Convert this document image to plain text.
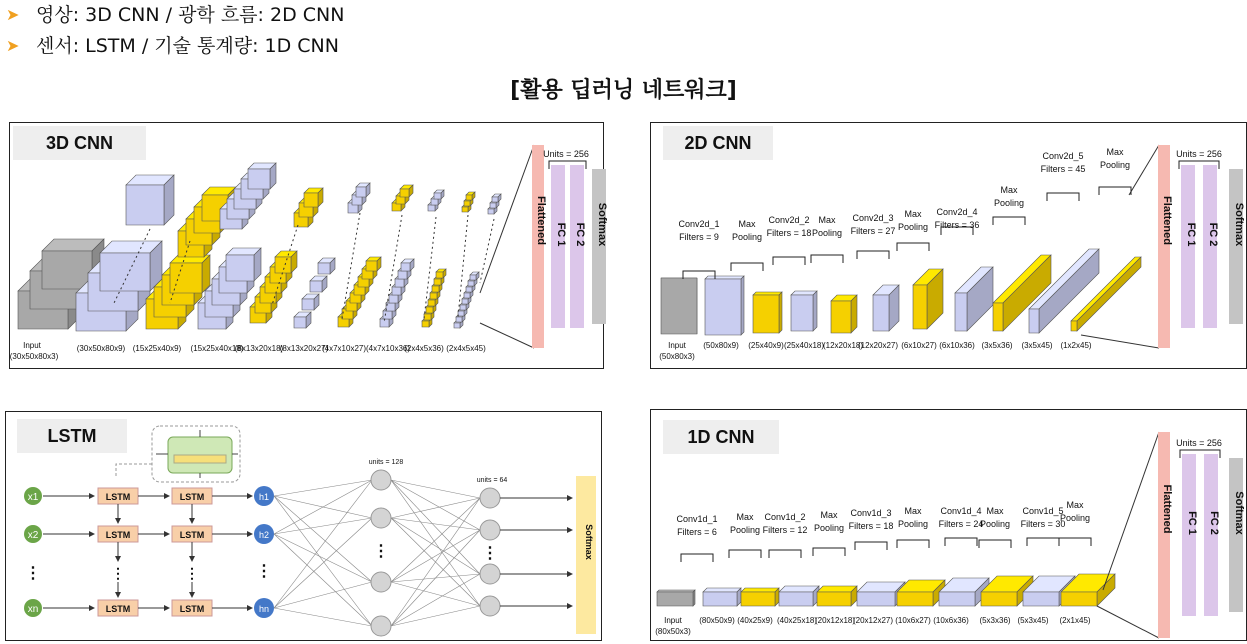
➤ 영상: 3D CNN / 광학 흐름: 2D CNN
➤ 센서: LSTM / 기술 통계량: 1D CNN
[활용 딥러닝 네트워크]
Input
(30x50x80x3)
(30x50x80x9) (15x25x40x9) (15x25x40x18)
(8x13x20x18)
(8x13x20x27)
(4x7x10x27) (4x7x10x36)
(2x4x5x36) (2x4x5x45)
Flattened FC 1 FC 2 Softmax
Units = 256
3D CNN
Conv2d_1
Filters = 9
Max
Pooling
Conv2d_2
Filters = 18
Max
Pooling
Conv2d_3
Filters = 27
Max
Pooling
Conv2d_4
Filters = 36
Max
Pooling
Conv2d_5
Filters = 45
Max
Pooling
Input
(50x80x3)
(50x80x9) (25x40x9) (25x40x18)
(12x20x18)
(12x20x27) (6x10x27) (6x10x36) (3x5x36) (3x5x45) (1x2x45)
Flattened FC 1 FC 2 Softmax
Units = 256
2D CNN
x1	LSTM	LSTM	h1
x2	LSTM	LSTM	h2
xn	LSTM	LSTM	hn
⋮	⋮
⋮	⋮
⋮	⋮
units = 128
units = 64
Softmax
LSTM
Conv1d_1
Filters = 6
Max
Pooling
Conv1d_2
Filters = 12
Max
Pooling
Conv1d_3
Filters = 18
Max
Pooling
Conv1d_4
Filters = 24
Max
Pooling
Conv1d_5
Filters = 30
Max
Pooling
Input
(80x50x3)
(80x50x9) (40x25x9) (40x25x18)
(20x12x18)
(20x12x27) (10x6x27) (10x6x36) (5x3x36) (5x3x45) (2x1x45)
Flattened FC 1 FC 2 Softmax
Units = 256
1D CNN
